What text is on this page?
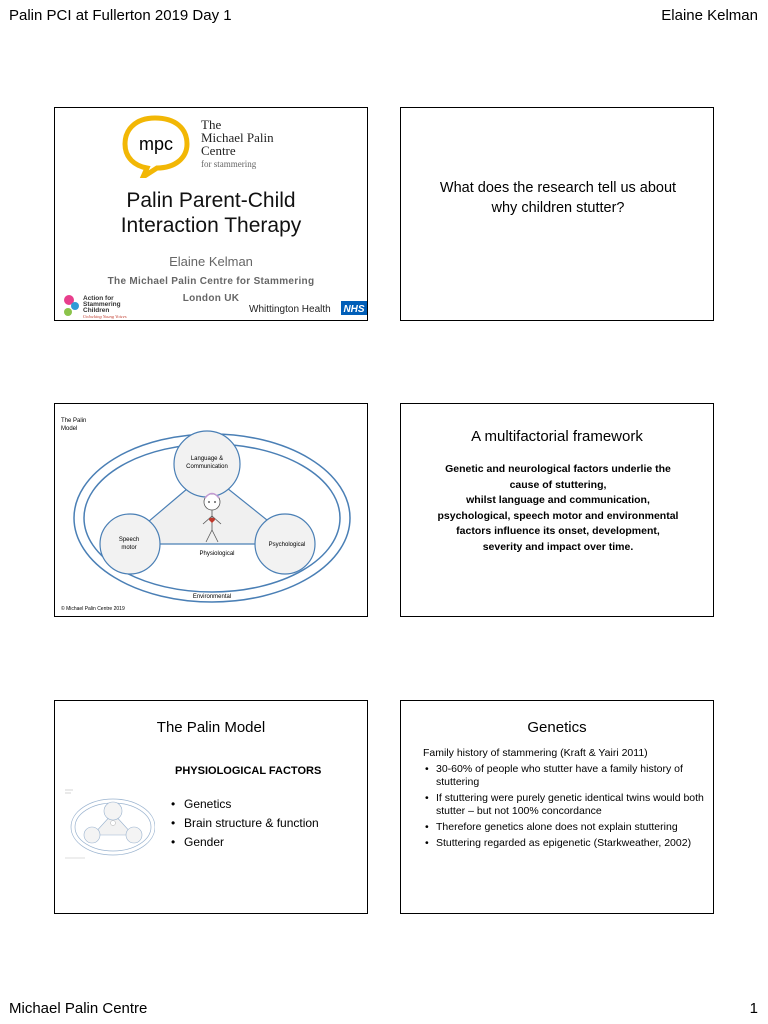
Palin PCI at Fullerton 2019 Day 1	Elaine Kelman
mpc
The
Michael Palin
Centre
for stammering
Palin Parent-Child
Interaction Therapy
Elaine Kelman
The Michael Palin Centre for Stammering
London UK
Action for
Stammering
Children
Unlocking Young Voices
Whittington Health NHS
What does the research tell us about why children stutter?
The Palin
Model
Language &
Communication
Speech
motor	Psychological
Physiological
Environmental
© Michael Palin Centre 2019
A multifactorial framework
Genetic and neurological factors underlie the
cause of stuttering,
whilst language and communication,
psychological, speech motor and environmental
factors influence its onset, development,
severity and impact over time.
The Palin Model
PHYSIOLOGICAL FACTORS
• Genetics
• Brain structure & function
• Gender
Genetics
Family history of stammering (Kraft & Yairi 2011)
• 30-60% of people who stutter have a family history of stuttering
• If stuttering were purely genetic identical twins would both stutter – but not 100% concordance
• Therefore genetics alone does not explain stuttering
• Stuttering regarded as epigenetic (Starkweather, 2002)
Michael Palin Centre	1
